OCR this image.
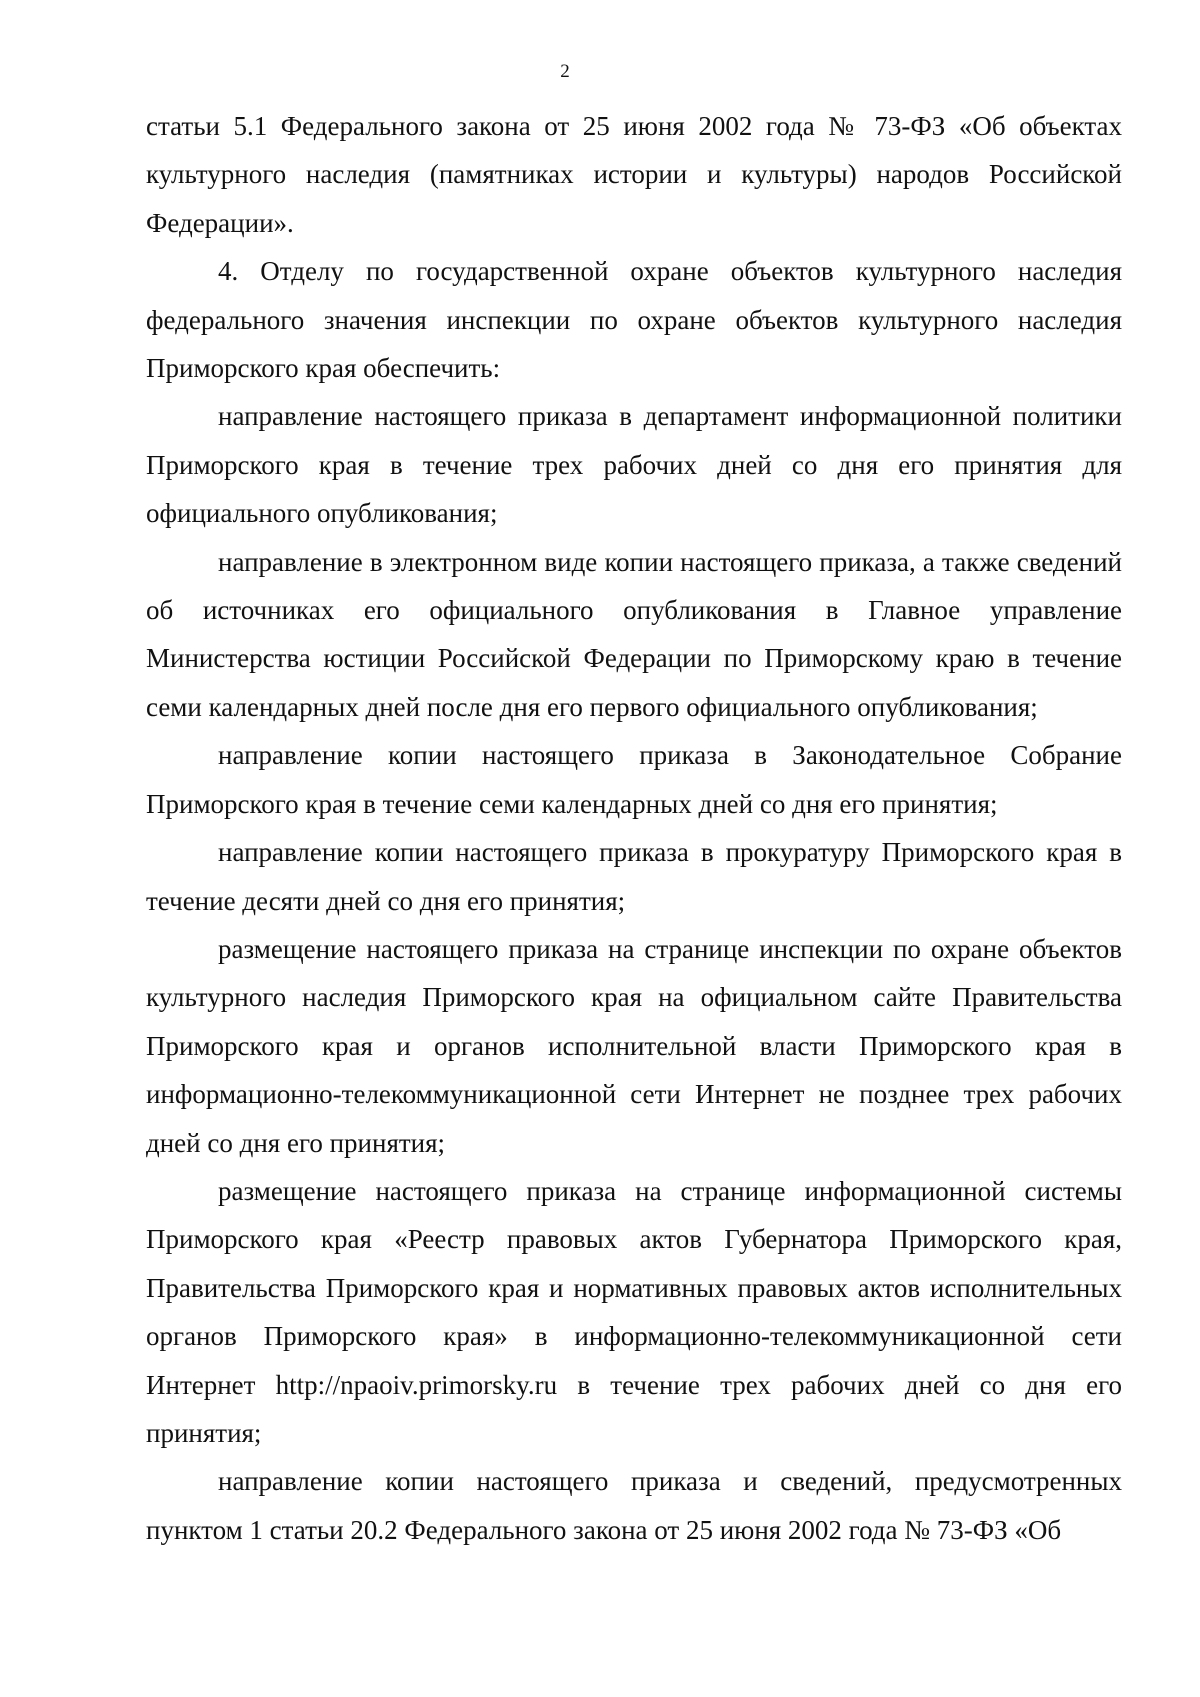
2

статьи 5.1 Федерального закона от 25 июня 2002 года № 73-ФЗ «Об объектах культурного наследия (памятниках истории и культуры) народов Российской Федерации».

4. Отделу по государственной охране объектов культурного наследия федерального значения инспекции по охране объектов культурного наследия Приморского края обеспечить:

направление настоящего приказа в департамент информационной политики Приморского края в течение трех рабочих дней со дня его принятия для официального опубликования;

направление в электронном виде копии настоящего приказа, а также сведений об источниках его официального опубликования в Главное управление Министерства юстиции Российской Федерации по Приморскому краю в течение семи календарных дней после дня его первого официального опубликования;

направление копии настоящего приказа в Законодательное Собрание Приморского края в течение семи календарных дней со дня его принятия;

направление копии настоящего приказа в прокуратуру Приморского края в течение десяти дней со дня его принятия;

размещение настоящего приказа на странице инспекции по охране объектов культурного наследия Приморского края на официальном сайте Правительства Приморского края и органов исполнительной власти Приморского края в информационно-телекоммуникационной сети Интернет не позднее трех рабочих дней со дня его принятия;

размещение настоящего приказа на странице информационной системы Приморского края «Реестр правовых актов Губернатора Приморского края, Правительства Приморского края и нормативных правовых актов исполнительных органов Приморского края» в информационно-телекоммуникационной сети Интернет http://npaoiv.primorsky.ru в течение трех рабочих дней со дня его принятия;

направление копии настоящего приказа и сведений, предусмотренных пунктом 1 статьи 20.2 Федерального закона от 25 июня 2002 года № 73-ФЗ «Об
